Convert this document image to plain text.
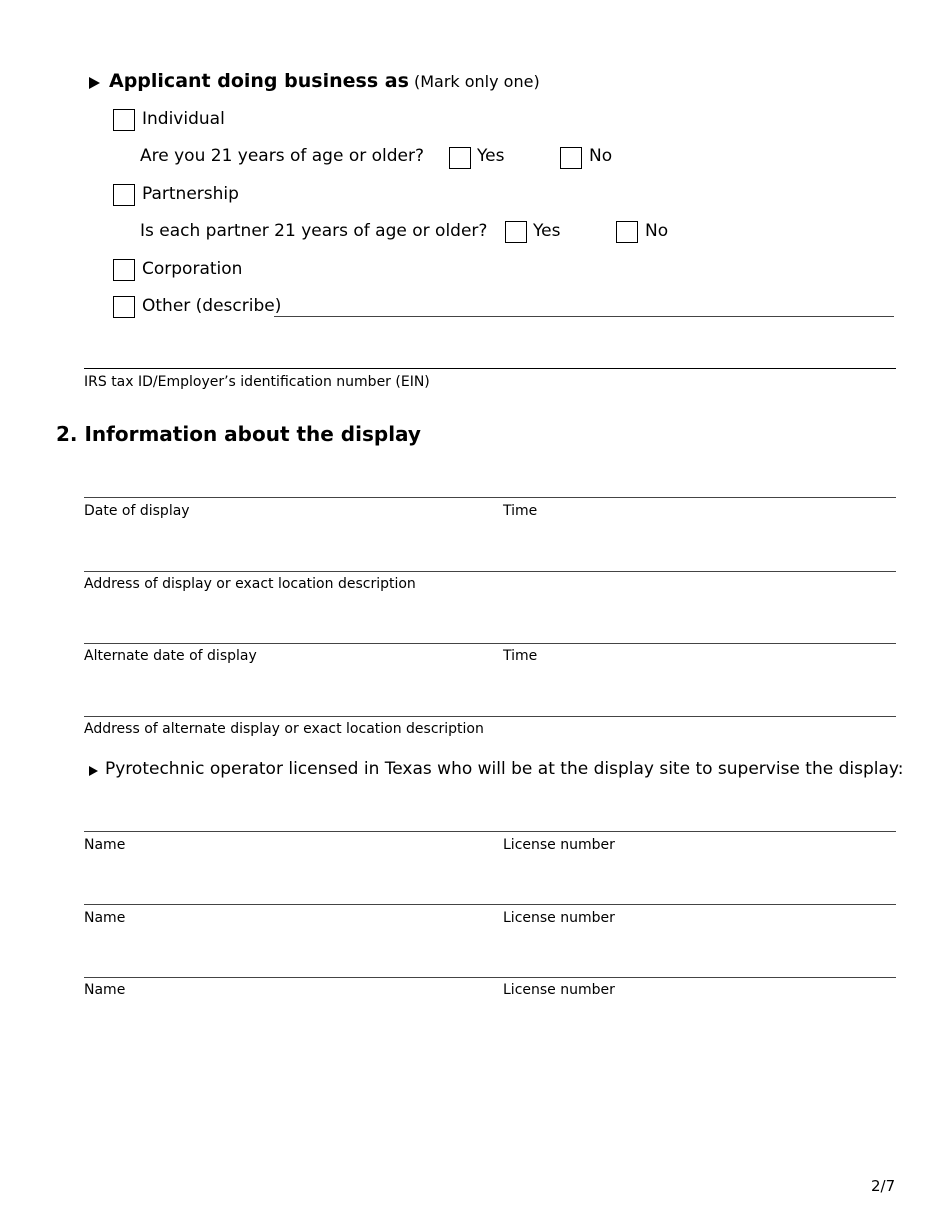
Applicant doing business as (Mark only one)
Individual
Are you 21 years of age or older?	Yes	No
Partnership
Is each partner 21 years of age or older?	Yes	No
Corporation
Other (describe)
IRS tax ID/Employer’s identification number (EIN)
2. Information about the display
Date of display	Time
Address of display or exact location description
Alternate date of display	Time
Address of alternate display or exact location description
Pyrotechnic operator licensed in Texas who will be at the display site to supervise the display:
Name	License number
Name	License number
Name	License number
2/7
